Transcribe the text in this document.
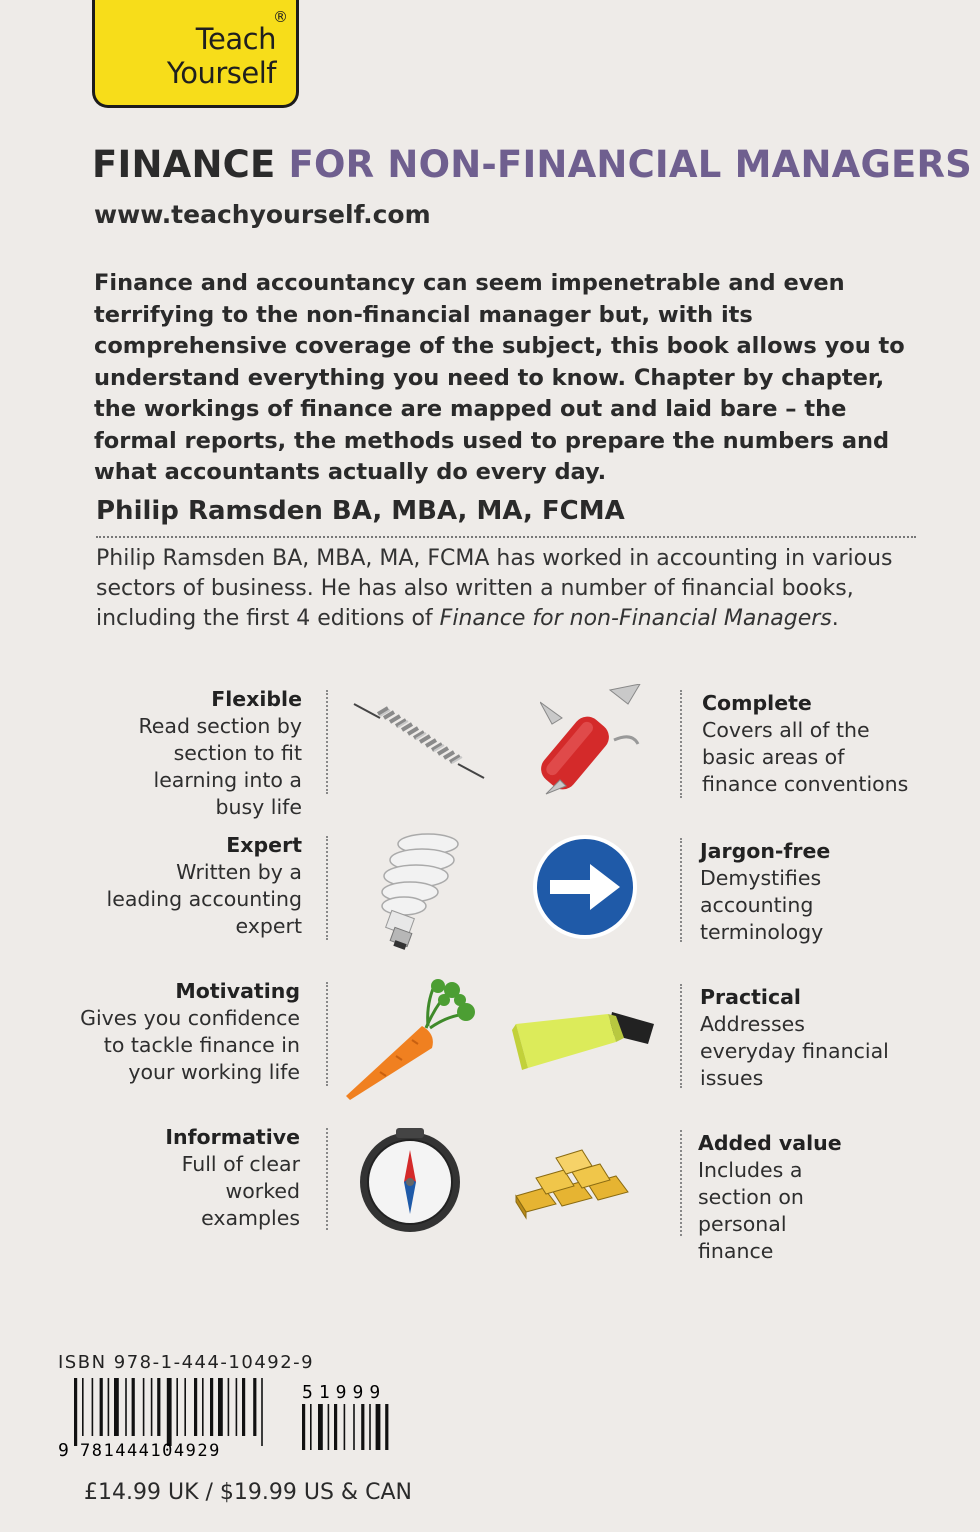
®
Teach
Yourself
FINANCE FOR NON-FINANCIAL MANAGERS
www.teachyourself.com
Finance and accountancy can seem impenetrable and even terrifying to the non-financial manager but, with its comprehensive coverage of the subject, this book allows you to understand everything you need to know. Chapter by chapter, the workings of finance are mapped out and laid bare – the formal reports, the methods used to prepare the numbers and what accountants actually do every day.
Philip Ramsden BA, MBA, MA, FCMA
Philip Ramsden BA, MBA, MA, FCMA has worked in accounting in various sectors of business. He has also written a number of financial books, including the first 4 editions of Finance for non-Financial Managers.
Flexible
Read section by section to fit learning into a busy life
Expert
Written by a leading accounting expert
Motivating
Gives you confidence to tackle finance in your working life
Informative
Full of clear worked examples
Complete
Covers all of the basic areas of finance conventions
Jargon-free
Demystifies accounting terminology
Practical
Addresses everyday financial issues
Added value
Includes a section on personal finance
ISBN 978-1-444-10492-9
9 781444104929
51999
£14.99 UK / $19.99 US & CAN
